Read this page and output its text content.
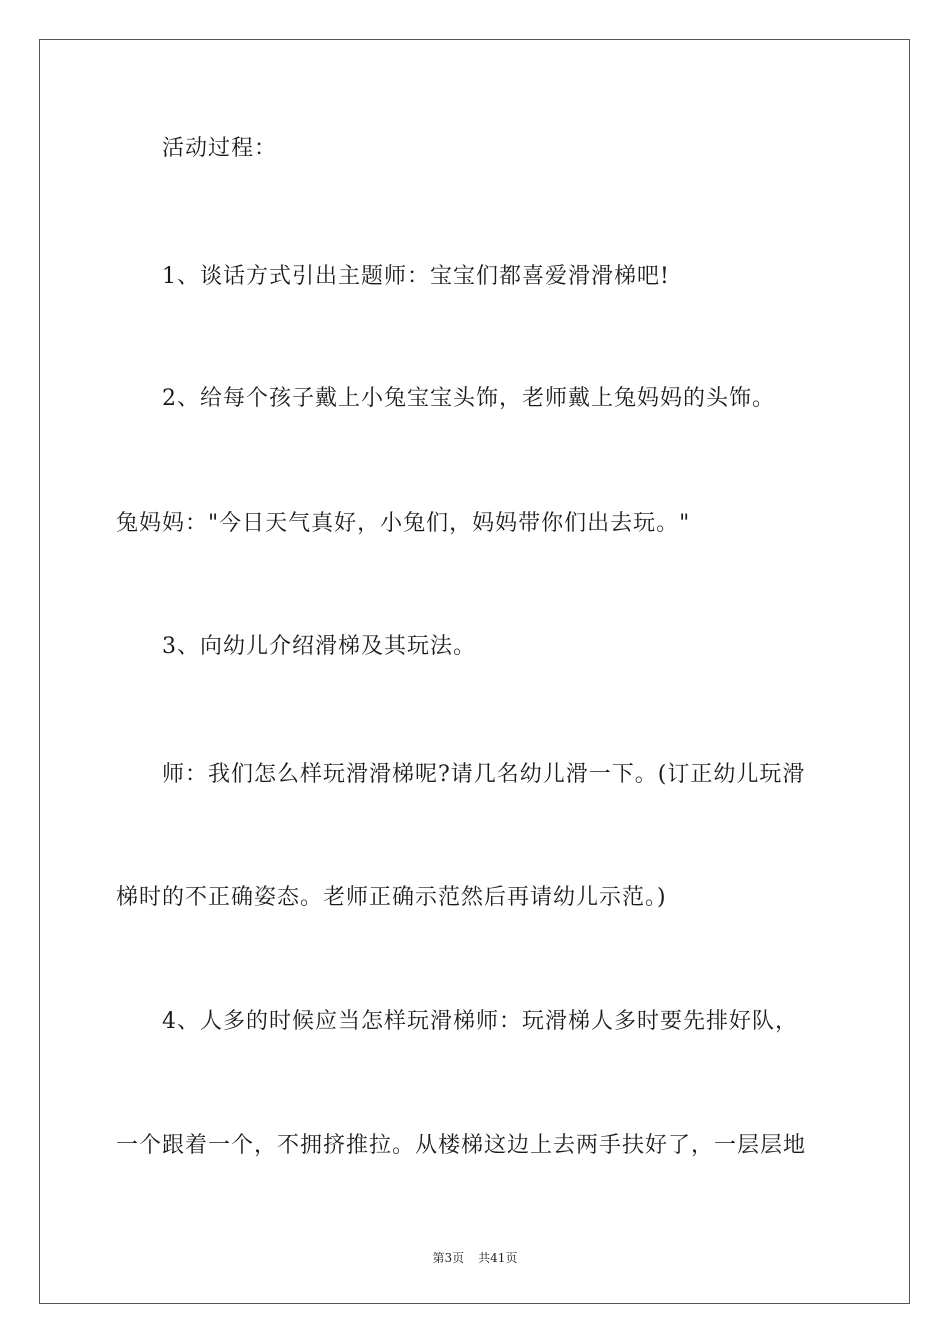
活动过程：
1、谈话方式引出主题师：宝宝们都喜爱滑滑梯吧!
2、给每个孩子戴上小兔宝宝头饰，老师戴上兔妈妈的头饰。
兔妈妈："今日天气真好，小兔们，妈妈带你们出去玩。"
3、向幼儿介绍滑梯及其玩法。
师：我们怎么样玩滑滑梯呢?请几名幼儿滑一下。(订正幼儿玩滑
梯时的不正确姿态。老师正确示范然后再请幼儿示范。)
4、人多的时候应当怎样玩滑梯师：玩滑梯人多时要先排好队，
一个跟着一个，不拥挤推拉。从楼梯这边上去两手扶好了，一层层地
第3页 共41页
